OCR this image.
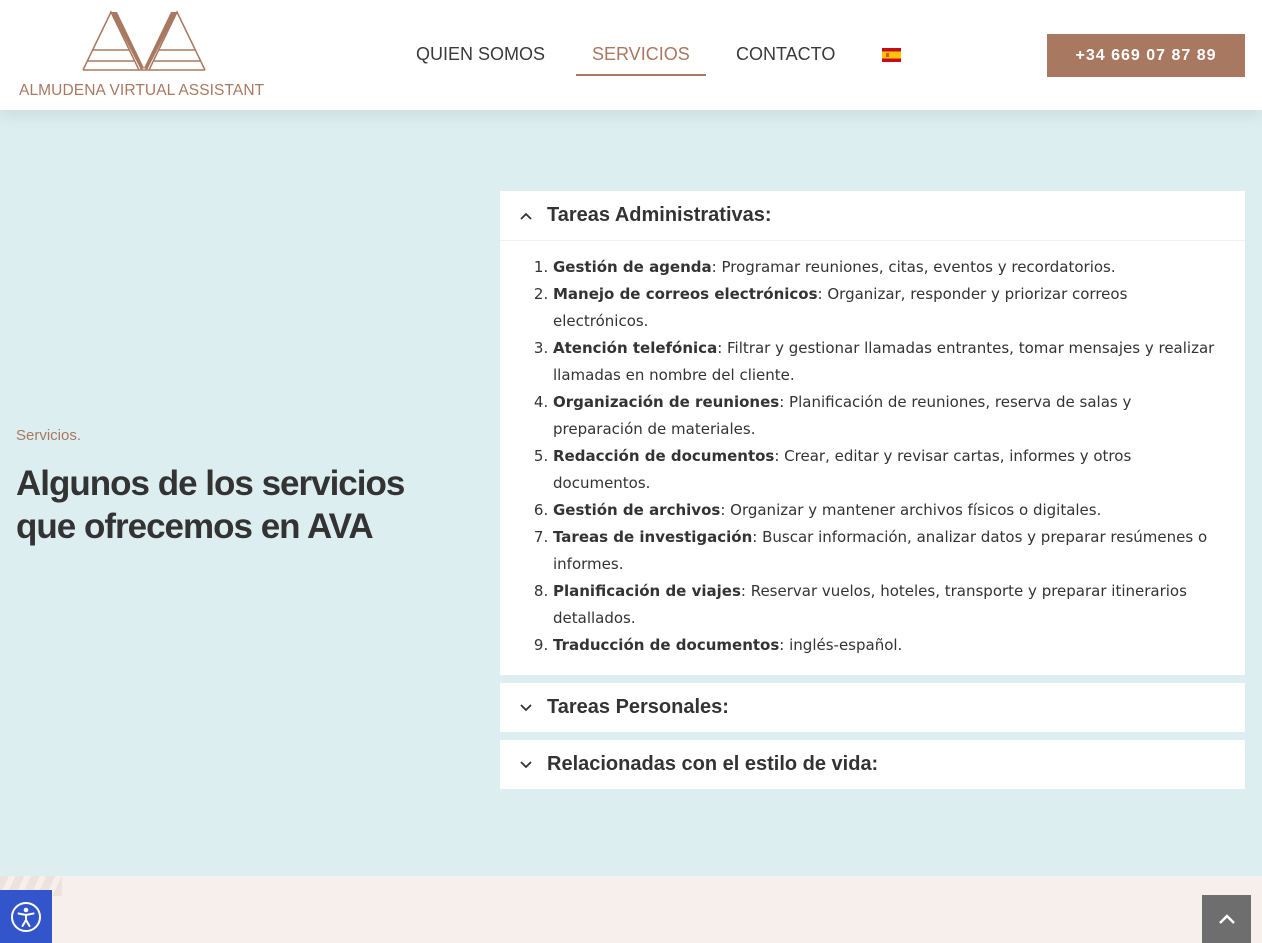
ALMUDENA VIRTUAL ASSISTANT
QUIEN SOMOS	SERVICIOS	CONTACTO	+34 669 07 87 89
Servicios.
Algunos de los servicios que ofrecemos en AVA
Tareas Administrativas:
1. Gestión de agenda: Programar reuniones, citas, eventos y recordatorios.
2. Manejo de correos electrónicos: Organizar, responder y priorizar correos electrónicos.
3. Atención telefónica: Filtrar y gestionar llamadas entrantes, tomar mensajes y realizar llamadas en nombre del cliente.
4. Organización de reuniones: Planificación de reuniones, reserva de salas y preparación de materiales.
5. Redacción de documentos: Crear, editar y revisar cartas, informes y otros documentos.
6. Gestión de archivos: Organizar y mantener archivos físicos o digitales.
7. Tareas de investigación: Buscar información, analizar datos y preparar resúmenes o informes.
8. Planificación de viajes: Reservar vuelos, hoteles, transporte y preparar itinerarios detallados.
9. Traducción de documentos: inglés-español.
Tareas Personales:
Relacionadas con el estilo de vida:
